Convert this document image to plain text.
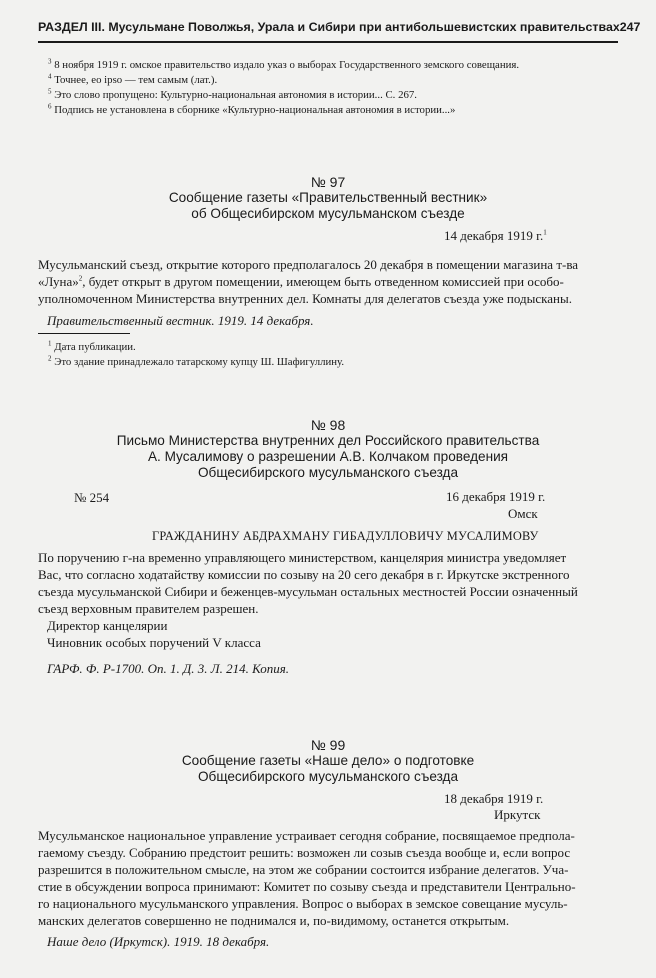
РАЗДЕЛ III. Мусульмане Поволжья, Урала и Сибири при антибольшевистских правительствах 247
$^3$ 8 ноября 1919 г. омское правительство издало указ о выборах Государственного земского совещания.
$^4$ Точнее, eo ipso — тем самым (лат.).
$^5$ Это слово пропущено: Культурно-национальная автономия в истории... С. 267.
$^6$ Подпись не установлена в сборнике «Культурно-национальная автономия в истории...»
№ 97
Сообщение газеты «Правительственный вестник»
об Общесибирском мусульманском съезде
14 декабря 1919 г.$^1$
Мусульманский съезд, открытие которого предполагалось 20 декабря в помещении магазина т-ва
«Луна»$^2$, будет открыт в другом помещении, имеющем быть отведенном комиссией при особо-
уполномоченном Министерства внутренних дел. Комнаты для делегатов съезда уже подысканы.
Правительственный вестник. 1919. 14 декабря.
$^1$ Дата публикации.
$^2$ Это здание принадлежало татарскому купцу Ш. Шафигуллину.
№ 98
Письмо Министерства внутренних дел Российского правительства
А. Мусалимову о разрешении А.В. Колчаком проведения
Общесибирского мусульманского съезда
№ 254	16 декабря 1919 г.
Омск
ГРАЖДАНИНУ АБДРАХМАНУ ГИБАДУЛЛОВИЧУ МУСАЛИМОВУ
По поручению г-на временно управляющего министерством, канцелярия министра уведомляет
Вас, что согласно ходатайству комиссии по созыву на 20 сего декабря в г. Иркутске экстренного
съезда мусульманской Сибири и беженцев-мусульман остальных местностей России означенный
съезд верховным правителем разрешен.
Директор канцелярии
Чиновник особых поручений V класса
ГАРФ. Ф. Р-1700. Оп. 1. Д. 3. Л. 214. Копия.
№ 99
Сообщение газеты «Наше дело» о подготовке
Общесибирского мусульманского съезда
18 декабря 1919 г.
Иркутск
Мусульманское национальное управление устраивает сегодня собрание, посвящаемое предпола-
гаемому съезду. Собранию предстоит решить: возможен ли созыв съезда вообще и, если вопрос
разрешится в положительном смысле, на этом же собрании состоится избрание делегатов. Уча-
стие в обсуждении вопроса принимают: Комитет по созыву съезда и представители Центрально-
го национального мусульманского управления. Вопрос о выборах в земское совещание мусуль-
манских делегатов совершенно не поднимался и, по-видимому, останется открытым.
Наше дело (Иркутск). 1919. 18 декабря.
